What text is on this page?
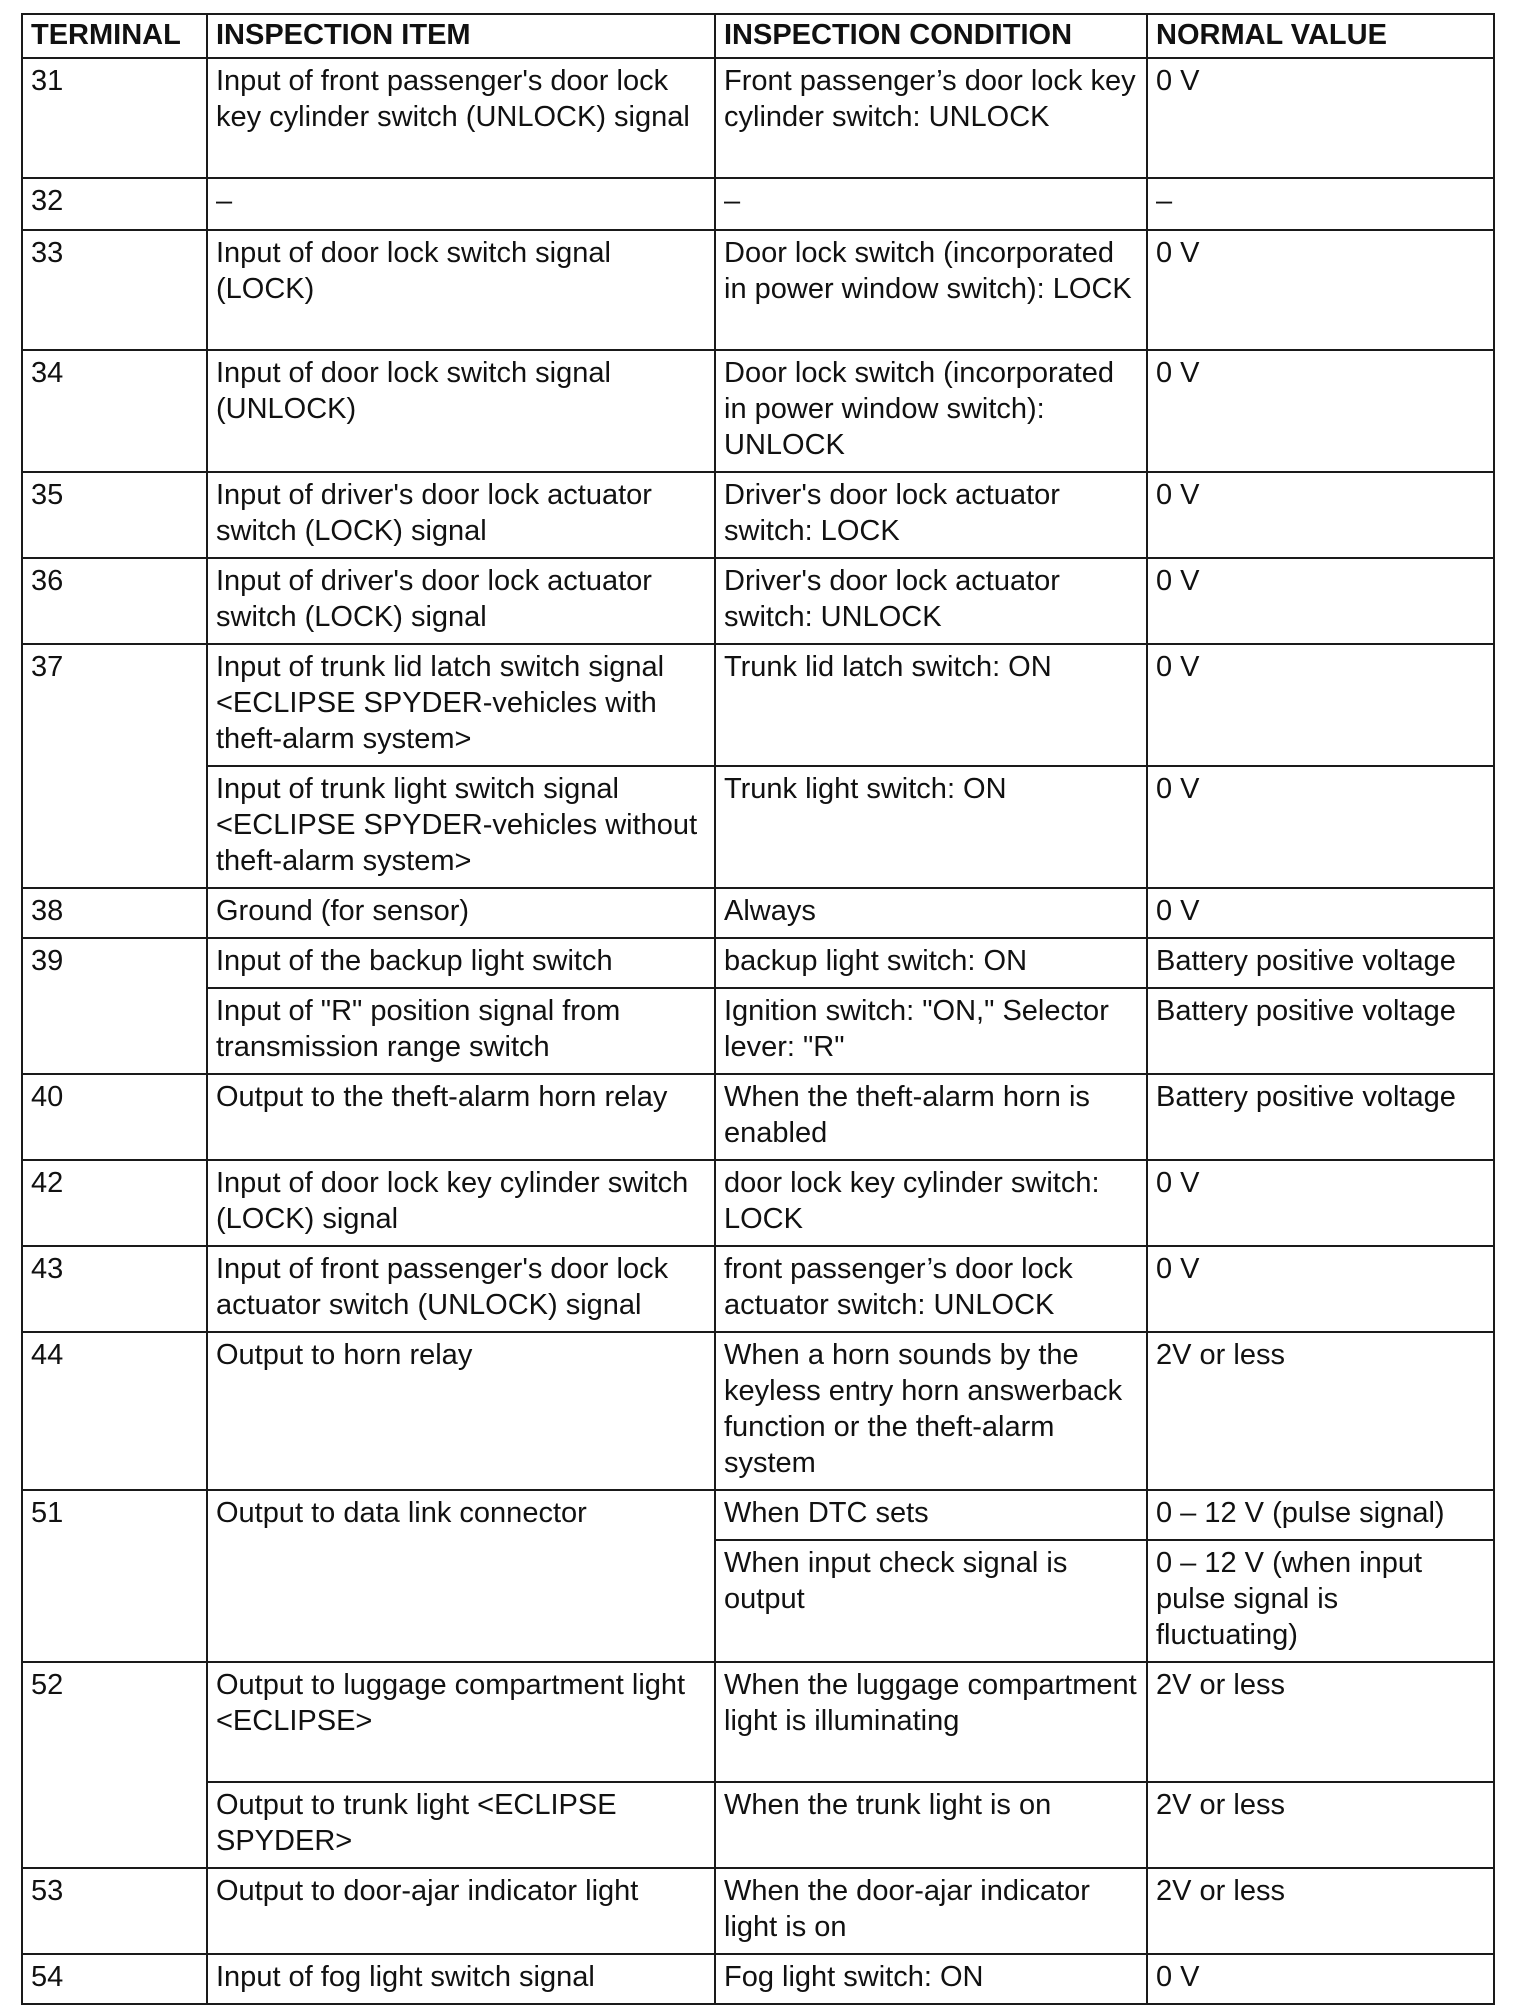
TERMINAL	INSPECTION ITEM	INSPECTION CONDITION	NORMAL VALUE
31	Input of front passenger's door lock key cylinder switch (UNLOCK) signal	Front passenger’s door lock key cylinder switch: UNLOCK	0 V
32	–	–	–
33	Input of door lock switch signal (LOCK)	Door lock switch (incorporated in power window switch): LOCK	0 V
34	Input of door lock switch signal (UNLOCK)	Door lock switch (incorporated in power window switch): UNLOCK	0 V
35	Input of driver's door lock actuator switch (LOCK) signal	Driver's door lock actuator switch: LOCK	0 V
36	Input of driver's door lock actuator switch (LOCK) signal	Driver's door lock actuator switch: UNLOCK	0 V
37	Input of trunk lid latch switch signal <ECLIPSE SPYDER-vehicles with theft-alarm system>	Trunk lid latch switch: ON	0 V
	Input of trunk light switch signal <ECLIPSE SPYDER-vehicles without theft-alarm system>	Trunk light switch: ON	0 V
38	Ground (for sensor)	Always	0 V
39	Input of the backup light switch	backup light switch: ON	Battery positive voltage
	Input of "R" position signal from transmission range switch	Ignition switch: "ON," Selector lever: "R"	Battery positive voltage
40	Output to the theft-alarm horn relay	When the theft-alarm horn is enabled	Battery positive voltage
42	Input of door lock key cylinder switch (LOCK) signal	door lock key cylinder switch: LOCK	0 V
43	Input of front passenger's door lock actuator switch (UNLOCK) signal	front passenger’s door lock actuator switch: UNLOCK	0 V
44	Output to horn relay	When a horn sounds by the keyless entry horn answerback function or the theft-alarm system	2V or less
51	Output to data link connector	When DTC sets	0 – 12 V (pulse signal)
		When input check signal is output	0 – 12 V (when input pulse signal is fluctuating)
52	Output to luggage compartment light <ECLIPSE>	When the luggage compartment light is illuminating	2V or less
	Output to trunk light <ECLIPSE SPYDER>	When the trunk light is on	2V or less
53	Output to door-ajar indicator light	When the door-ajar indicator light is on	2V or less
54	Input of fog light switch signal	Fog light switch: ON	0 V
